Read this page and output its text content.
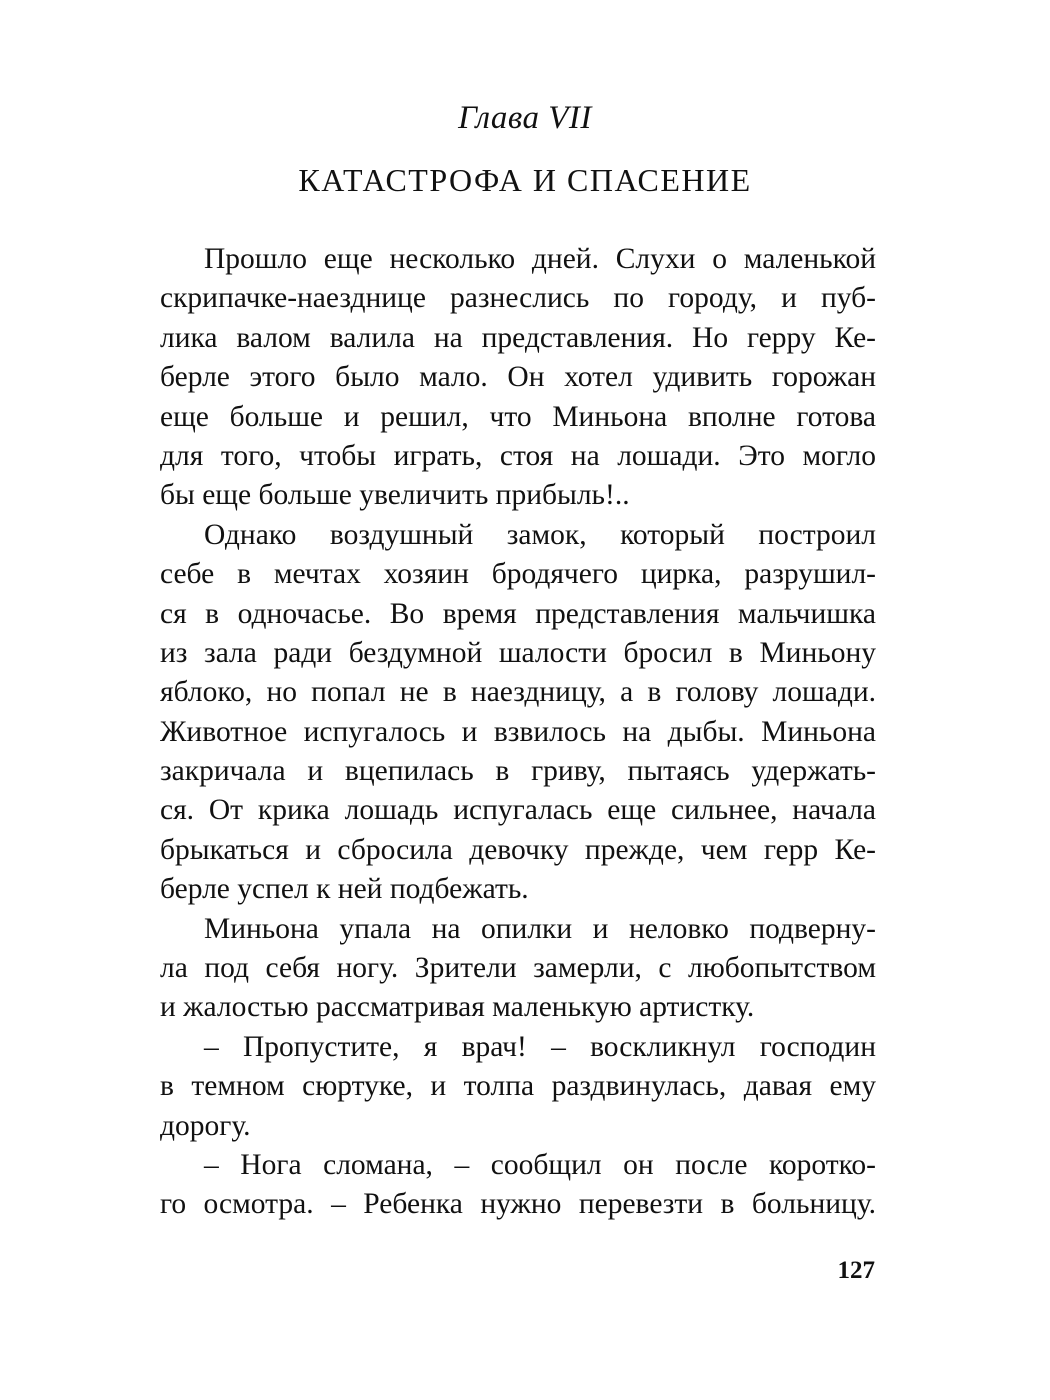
Глава VII
КАТАСТРОФА И СПАСЕНИЕ

Прошло еще несколько дней. Слухи о маленькой
скрипачке-наезднице разнеслись по городу, и пуб-
лика валом валила на представления. Но герру Ке-
берле этого было мало. Он хотел удивить горожан
еще больше и решил, что Миньона вполне готова
для того, чтобы играть, стоя на лошади. Это могло
бы еще больше увеличить прибыль!..

Однако воздушный замок, который построил
себе в мечтах хозяин бродячего цирка, разрушил-
ся в одночасье. Во время представления мальчишка
из зала ради бездумной шалости бросил в Миньону
яблоко, но попал не в наездницу, а в голову лошади.
Животное испугалось и взвилось на дыбы. Миньона
закричала и вцепилась в гриву, пытаясь удержать-
ся. От крика лошадь испугалась еще сильнее, начала
брыкаться и сбросила девочку прежде, чем герр Ке-
берле успел к ней подбежать.

Миньона упала на опилки и неловко подверну-
ла под себя ногу. Зрители замерли, с любопытством
и жалостью рассматривая маленькую артистку.

– Пропустите, я врач! – воскликнул господин
в темном сюртуке, и толпа раздвинулась, давая ему
дорогу.

– Нога сломана, – сообщил он после коротко-
го осмотра. – Ребенка нужно перевезти в больницу.

127
